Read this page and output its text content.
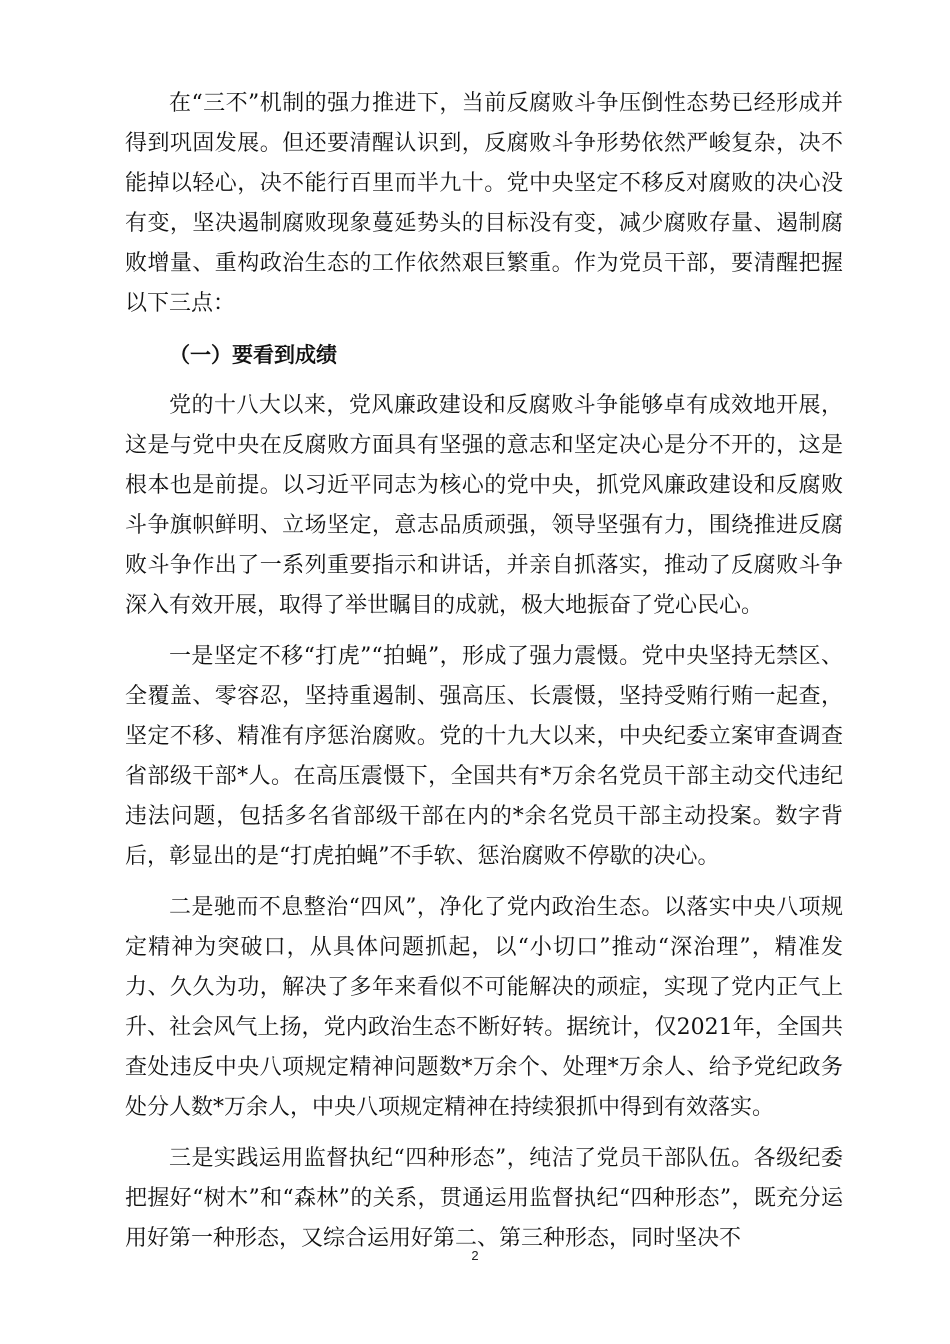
在“三不”机制的强力推进下，当前反腐败斗争压倒性态势已经形成并得到巩固发展。但还要清醒认识到，反腐败斗争形势依然严峻复杂，决不能掉以轻心，决不能行百里而半九十。党中央坚定不移反对腐败的决心没有变，坚决遏制腐败现象蔓延势头的目标没有变，减少腐败存量、遏制腐败增量、重构政治生态的工作依然艰巨繁重。作为党员干部，要清醒把握以下三点：

（一）要看到成绩

党的十八大以来，党风廉政建设和反腐败斗争能够卓有成效地开展，这是与党中央在反腐败方面具有坚强的意志和坚定决心是分不开的，这是根本也是前提。以习近平同志为核心的党中央，抓党风廉政建设和反腐败斗争旗帜鲜明、立场坚定，意志品质顽强，领导坚强有力，围绕推进反腐败斗争作出了一系列重要指示和讲话，并亲自抓落实，推动了反腐败斗争深入有效开展，取得了举世瞩目的成就，极大地振奋了党心民心。

一是坚定不移“打虎”“拍蝇”，形成了强力震慑。党中央坚持无禁区、全覆盖、零容忍，坚持重遏制、强高压、长震慑，坚持受贿行贿一起查，坚定不移、精准有序惩治腐败。党的十九大以来，中央纪委立案审查调查省部级干部*人。在高压震慑下，全国共有*万余名党员干部主动交代违纪违法问题，包括多名省部级干部在内的*余名党员干部主动投案。数字背后，彰显出的是“打虎拍蝇”不手软、惩治腐败不停歇的决心。

二是驰而不息整治“四风”，净化了党内政治生态。以落实中央八项规定精神为突破口，从具体问题抓起，以“小切口”推动“深治理”，精准发力、久久为功，解决了多年来看似不可能解决的顽症，实现了党内正气上升、社会风气上扬，党内政治生态不断好转。据统计，仅2021年，全国共查处违反中央八项规定精神问题数*万余个、处理*万余人、给予党纪政务处分人数*万余人，中央八项规定精神在持续狠抓中得到有效落实。

三是实践运用监督执纪“四种形态”，纯洁了党员干部队伍。各级纪委把握好“树木”和“森林”的关系，贯通运用监督执纪“四种形态”，既充分运用好第一种形态，又综合运用好第二、第三种形态，同时坚决不

2
